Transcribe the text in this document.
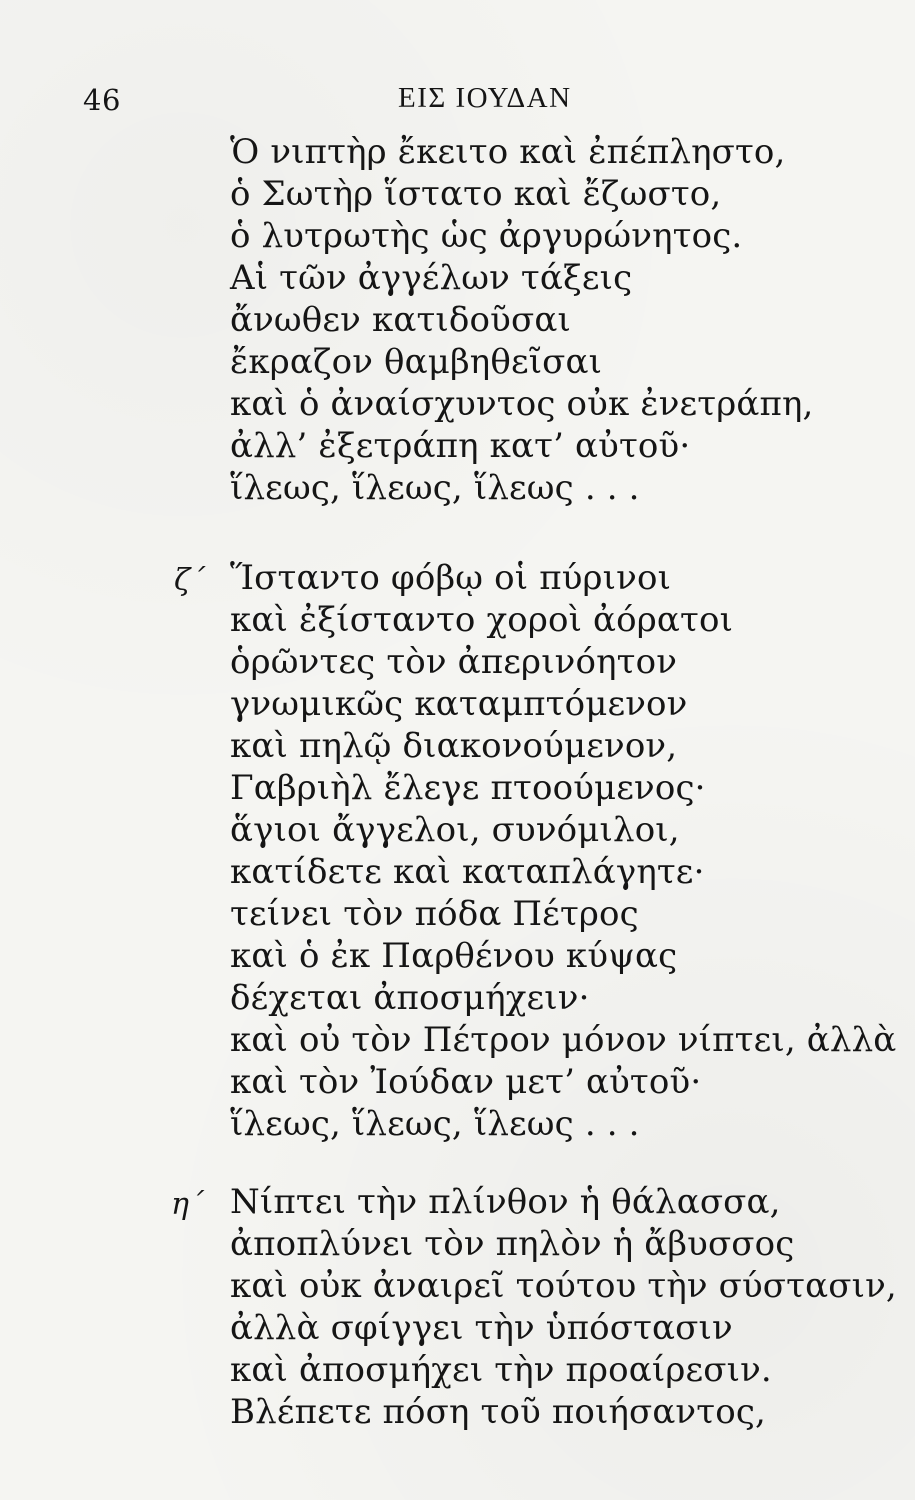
46	ΕΙΣ ΙΟΥΔΑΝ
Ὁ νιπτὴρ ἔκειτο καὶ ἐπέπληστο,
ὁ Σωτὴρ ἵστατο καὶ ἔζωστο,
ὁ λυτρωτὴς ὡς ἀργυρώνητος.
Αἱ τῶν ἀγγέλων τάξεις
ἄνωθεν κατιδοῦσαι
ἔκραζον θαμβηθεῖσαι
καὶ ὁ ἀναίσχυντος οὐκ ἐνετράπη,
ἀλλ’ ἐξετράπη κατ’ αὐτοῦ·
ἵλεως, ἵλεως, ἵλεως . . .
ζ΄ Ἵσταντο φόβῳ οἱ πύρινοι
καὶ ἐξίσταντο χοροὶ ἀόρατοι
ὁρῶντες τὸν ἀπερινόητον
γνωμικῶς καταμπτόμενον
καὶ πηλῷ διακονούμενον,
Γαβριὴλ ἔλεγε πτοούμενος·
ἅγιοι ἄγγελοι, συνόμιλοι,
κατίδετε καὶ καταπλάγητε·
τείνει τὸν πόδα Πέτρος
καὶ ὁ ἐκ Παρθένου κύψας
δέχεται ἀποσμήχειν·
καὶ οὐ τὸν Πέτρον μόνον νίπτει, ἀλλὰ
καὶ τὸν Ἰούδαν μετ’ αὐτοῦ·
ἵλεως, ἵλεως, ἵλεως . . .
η΄ Νίπτει τὴν πλίνθον ἡ θάλασσα,
ἀποπλύνει τὸν πηλὸν ἡ ἄβυσσος
καὶ οὐκ ἀναιρεῖ τούτου τὴν σύστασιν,
ἀλλὰ σφίγγει τὴν ὑπόστασιν
καὶ ἀποσμήχει τὴν προαίρεσιν.
Βλέπετε πόση τοῦ ποιήσαντος,
